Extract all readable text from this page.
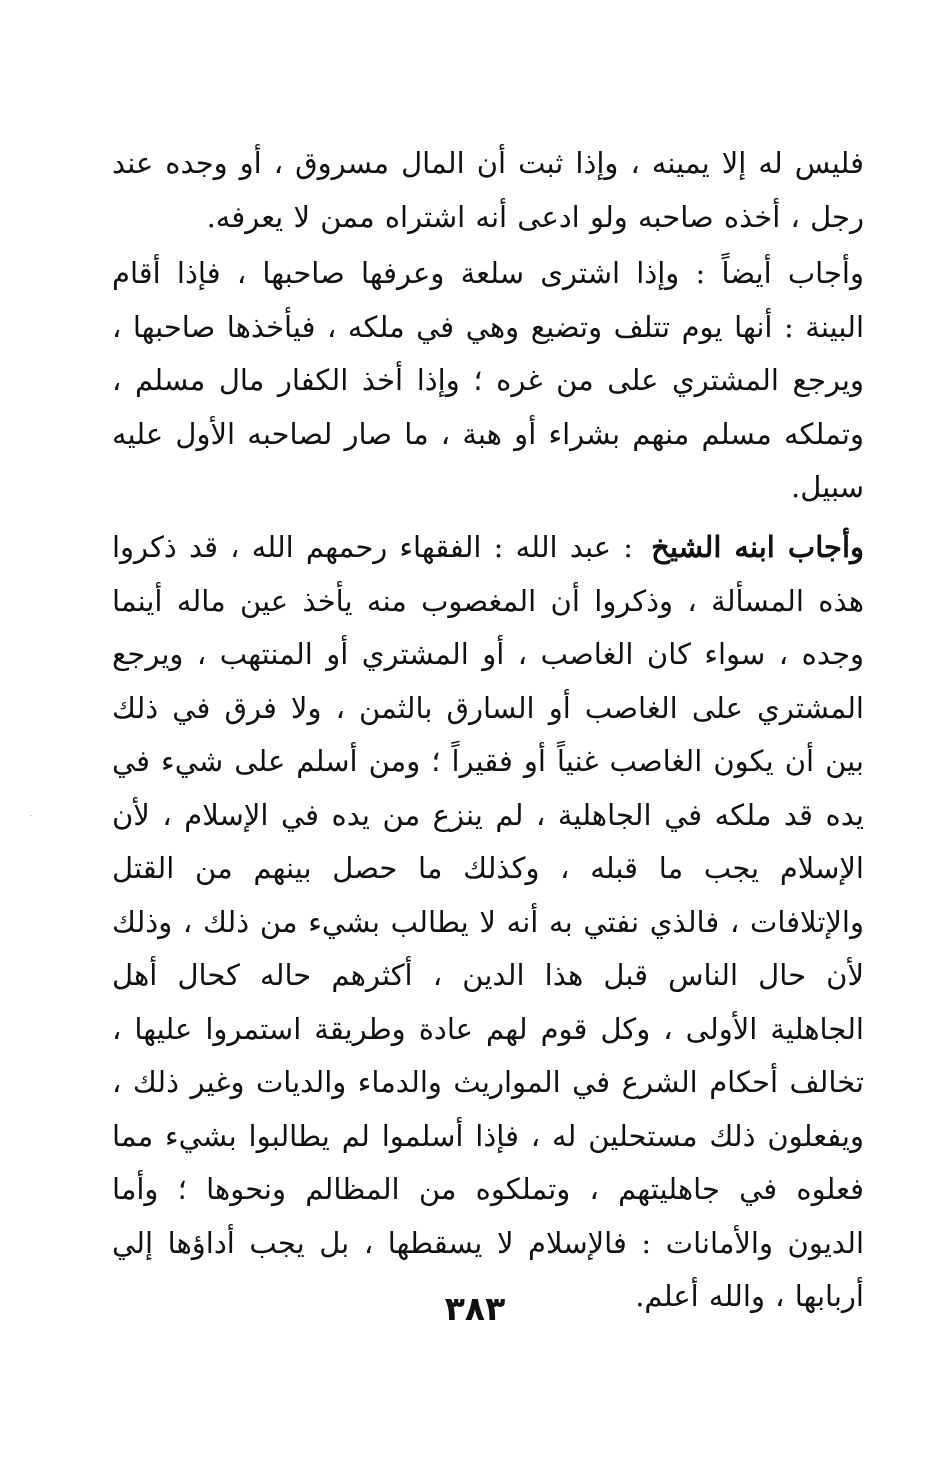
فليس له إلا يمينه ، وإذا ثبت أن المال مسروق ، أو وجده عند رجل ، أخذه صاحبه ولو ادعى أنه اشتراه ممن لا يعرفه.
وأجاب أيضاً : وإذا اشترى سلعة وعرفها صاحبها ، فإذا أقام البينة : أنها يوم تتلف وتضيع وهي في ملكه ، فيأخذها صاحبها ، ويرجع المشتري على من غره ؛ وإذا أخذ الكفار مال مسلم ، وتملكه مسلم منهم بشراء أو هبة ، ما صار لصاحبه الأول عليه سبيل.
وأجاب ابنه الشيخ : عبد الله : الفقهاء رحمهم الله ، قد ذكروا هذه المسألة ، وذكروا أن المغصوب منه يأخذ عين ماله أينما وجده ، سواء كان الغاصب ، أو المشتري أو المنتهب ، ويرجع المشتري على الغاصب أو السارق بالثمن ، ولا فرق في ذلك بين أن يكون الغاصب غنياً أو فقيراً ؛ ومن أسلم على شيء في يده قد ملكه في الجاهلية ، لم ينزع من يده في الإسلام ، لأن الإسلام يجب ما قبله ، وكذلك ما حصل بينهم من القتل والإتلافات ، فالذي نفتي به أنه لا يطالب بشيء من ذلك ، وذلك لأن حال الناس قبل هذا الدين ، أكثرهم حاله كحال أهل الجاهلية الأولى ، وكل قوم لهم عادة وطريقة استمروا عليها ، تخالف أحكام الشرع في المواريث والدماء والديات وغير ذلك ، ويفعلون ذلك مستحلين له ، فإذا أسلموا لم يطالبوا بشيء مما فعلوه في جاهليتهم ، وتملكوه من المظالم ونحوها ؛ وأما الديون والأمانات : فالإسلام لا يسقطها ، بل يجب أداؤها إلي أربابها ، والله أعلم.
٣٨٣
